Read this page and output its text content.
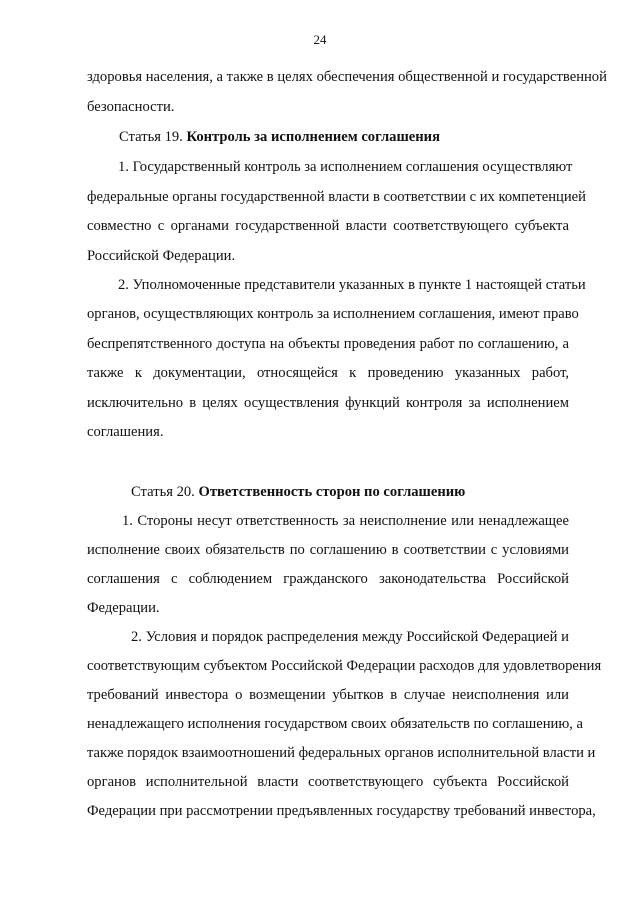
24
здоровья населения, а также в целях обеспечения общественной и государственной
безопасности.
Статья 19. Контроль за исполнением соглашения
1. Государственный контроль за исполнением соглашения осуществляют
федеральные органы государственной власти в соответствии с их компетенцией
совместно с органами государственной власти соответствующего субъекта
Российской Федерации.
2. Уполномоченные представители указанных в пункте 1 настоящей статьи
органов, осуществляющих контроль за исполнением соглашения, имеют право
беспрепятственного доступа на объекты проведения работ по соглашению, а
также к документации, относящейся к проведению указанных работ,
исключительно в целях осуществления функций контроля за исполнением
соглашения.
Статья 20. Ответственность сторон по соглашению
1. Стороны несут ответственность за неисполнение или ненадлежащее
исполнение своих обязательств по соглашению в соответствии с условиями
соглашения с соблюдением гражданского законодательства Российской
Федерации.
2. Условия и порядок распределения между Российской Федерацией и
соответствующим субъектом Российской Федерации расходов для удовлетворения
требований инвестора о возмещении убытков в случае неисполнения или
ненадлежащего исполнения государством своих обязательств по соглашению, а
также порядок взаимоотношений федеральных органов исполнительной власти и
органов исполнительной власти соответствующего субъекта Российской
Федерации при рассмотрении предъявленных государству требований инвестора,
